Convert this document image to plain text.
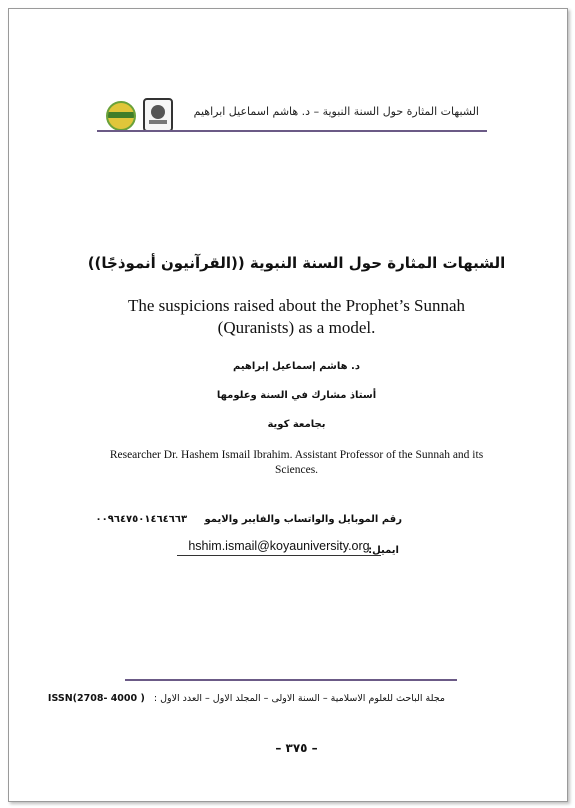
الشبهات المثارة حول السنة النبوية – د. هاشم اسماعيل ابراهيم
الشبهات المثارة حول السنة النبوية ((القرآنيون أنموذجًا))
The suspicions raised about the Prophet’s Sunnah
(Quranists) as a model.
د. هاشم إسماعيل إبراهيم
أستاذ مشارك في السنة وعلومها
بجامعة كوية
Researcher Dr. Hashem Ismail Ibrahim. Assistant Professor of the Sunnah and its Sciences.
رقم الموبايل والواتساب والفايبر والايمو     ٠٠٩٦٤٧٥٠١٤٦٤٦٦٣
ايميل:
hshim.ismail@koyauniversity.org
مجلة الباحث للعلوم الاسلامية – السنة الاولى – المجلد الاول – العدد الاول :   ISSN(2708- 4000 )
– ٣٧٥ –
